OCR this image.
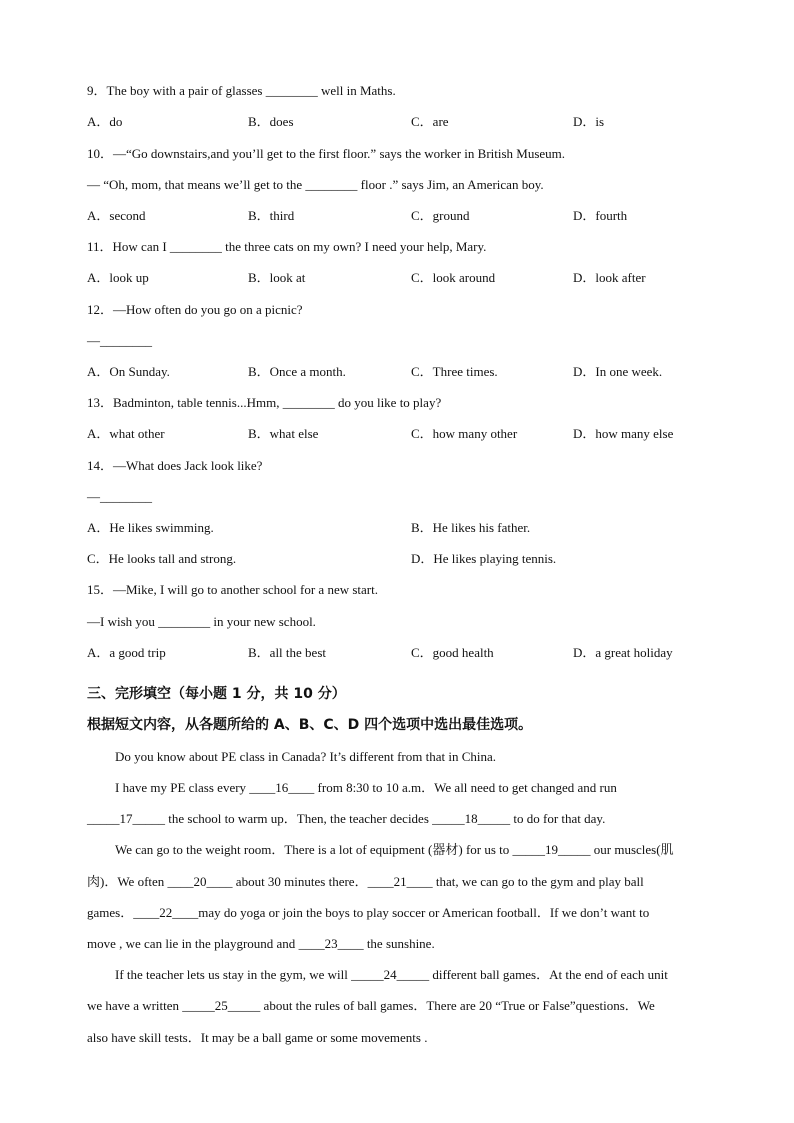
9．The boy with a pair of glasses ________ well in Maths.
A．do	B．does	C．are	D．is
10．—“Go downstairs,and you’ll get to the first floor.” says the worker in British Museum.
— “Oh, mom, that means we’ll get to the ________ floor .” says Jim, an American boy.
A．second	B．third	C．ground	D．fourth
11．How can I ________ the three cats on my own? I need your help, Mary.
A．look up	B．look at	C．look around	D．look after
12．—How often do you go on a picnic?
—________
A．On Sunday.	B．Once a month.	C．Three times.	D．In one week.
13．Badminton, table tennis...Hmm, ________ do you like to play?
A．what other	B．what else	C．how many other	D．how many else
14．—What does Jack look like?
—________
A．He likes swimming.	B．He likes his father.
C．He looks tall and strong.	D．He likes playing tennis.
15．—Mike, I will go to another school for a new start.
—I wish you ________ in your new school.
A．a good trip	B．all the best	C．good health	D．a great holiday
三、完形填空（每小题 1 分，共 10 分）
根据短文内容，从各题所给的 A、B、C、D 四个选项中选出最佳选项。
Do you know about PE class in Canada? It’s different from that in China.
I have my PE class every ____16____ from 8:30 to 10 a.m．We all need to get changed and run
_____17_____ the school to warm up．Then, the teacher decides _____18_____ to do for that day.
We can go to the weight room．There is a lot of equipment (器材) for us to _____19_____ our muscles(肌
肉)．We often ____20____ about 30 minutes there．____21____ that, we can go to the gym and play ball
games．____22____may do yoga or join the boys to play soccer or American football．If we don’t want to
move , we can lie in the playground and ____23____ the sunshine.
If the teacher lets us stay in the gym, we will _____24_____ different ball games．At the end of each unit
we have a written _____25_____ about the rules of ball games．There are 20 “True or False”questions．We
also have skill tests．It may be a ball game or some movements .
